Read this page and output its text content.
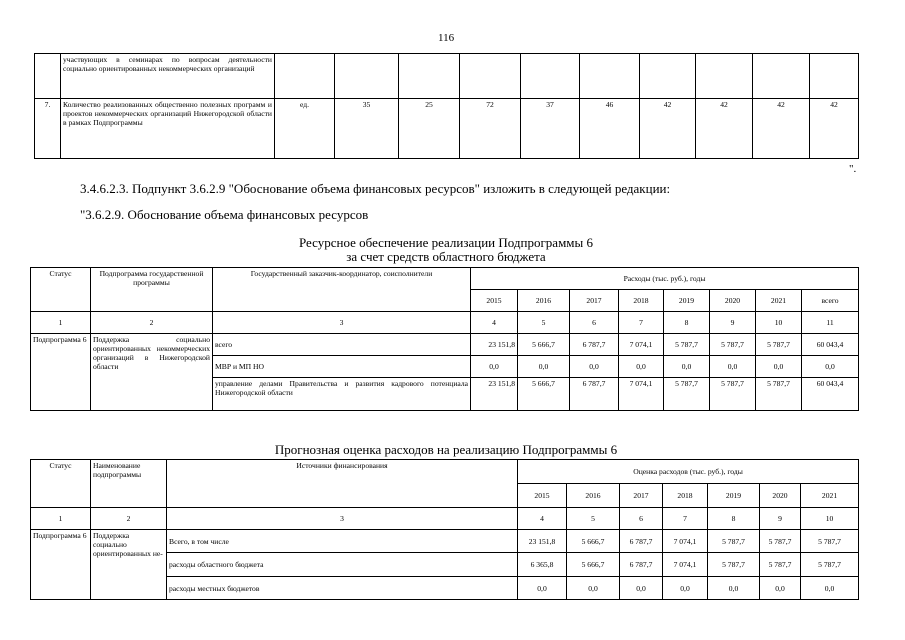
116
	участвующих в семинарах по вопросам деятельности социально ориентированных некоммерческих организаций										
7.	Количество реализованных общественно полезных программ и проектов некоммерческих организаций Нижегородской области в рамках Подпрограммы	ед.	35	25	72	37	46	42	42	42	42
".
3.4.6.2.3. Подпункт 3.6.2.9 "Обоснование объема финансовых ресурсов" изложить в следующей редакции:
"3.6.2.9. Обоснование объема финансовых ресурсов
Ресурсное обеспечение реализации Подпрограммы 6
за счет средств областного бюджета
Статус	Подпрограмма государственной программы	Государственный заказчик-координатор, соисполнители	Расходы (тыс. руб.), годы							
			2015	2016	2017	2018	2019	2020	2021	всего
1	2	3	4	5	6	7	8	9	10	11
Подпрограмма 6	Поддержка социально ориентированных некоммерческих организаций в Нижегородской области	всего	23 151,8	5 666,7	6 787,7	7 074,1	5 787,7	5 787,7	5 787,7	60 043,4
		МВР и МП НО	0,0	0,0	0,0	0,0	0,0	0,0	0,0	0,0
		управление делами Правительства и развития кадрового потенциала Нижегородской области	23 151,8	5 666,7	6 787,7	7 074,1	5 787,7	5 787,7	5 787,7	60 043,4
Прогнозная оценка расходов на реализацию Подпрограммы 6
Статус	Наименование подпрограммы	Источники финансирования	Оценка расходов (тыс. руб.), годы						
			2015	2016	2017	2018	2019	2020	2021
1	2	3	4	5	6	7	8	9	10
Подпрограмма 6	Поддержка социально ориентированных не-	Всего, в том числе	23 151,8	5 666,7	6 787,7	7 074,1	5 787,7	5 787,7	5 787,7
		расходы областного бюджета	6 365,8	5 666,7	6 787,7	7 074,1	5 787,7	5 787,7	5 787,7
		расходы местных бюджетов	0,0	0,0	0,0	0,0	0,0	0,0	0,0
